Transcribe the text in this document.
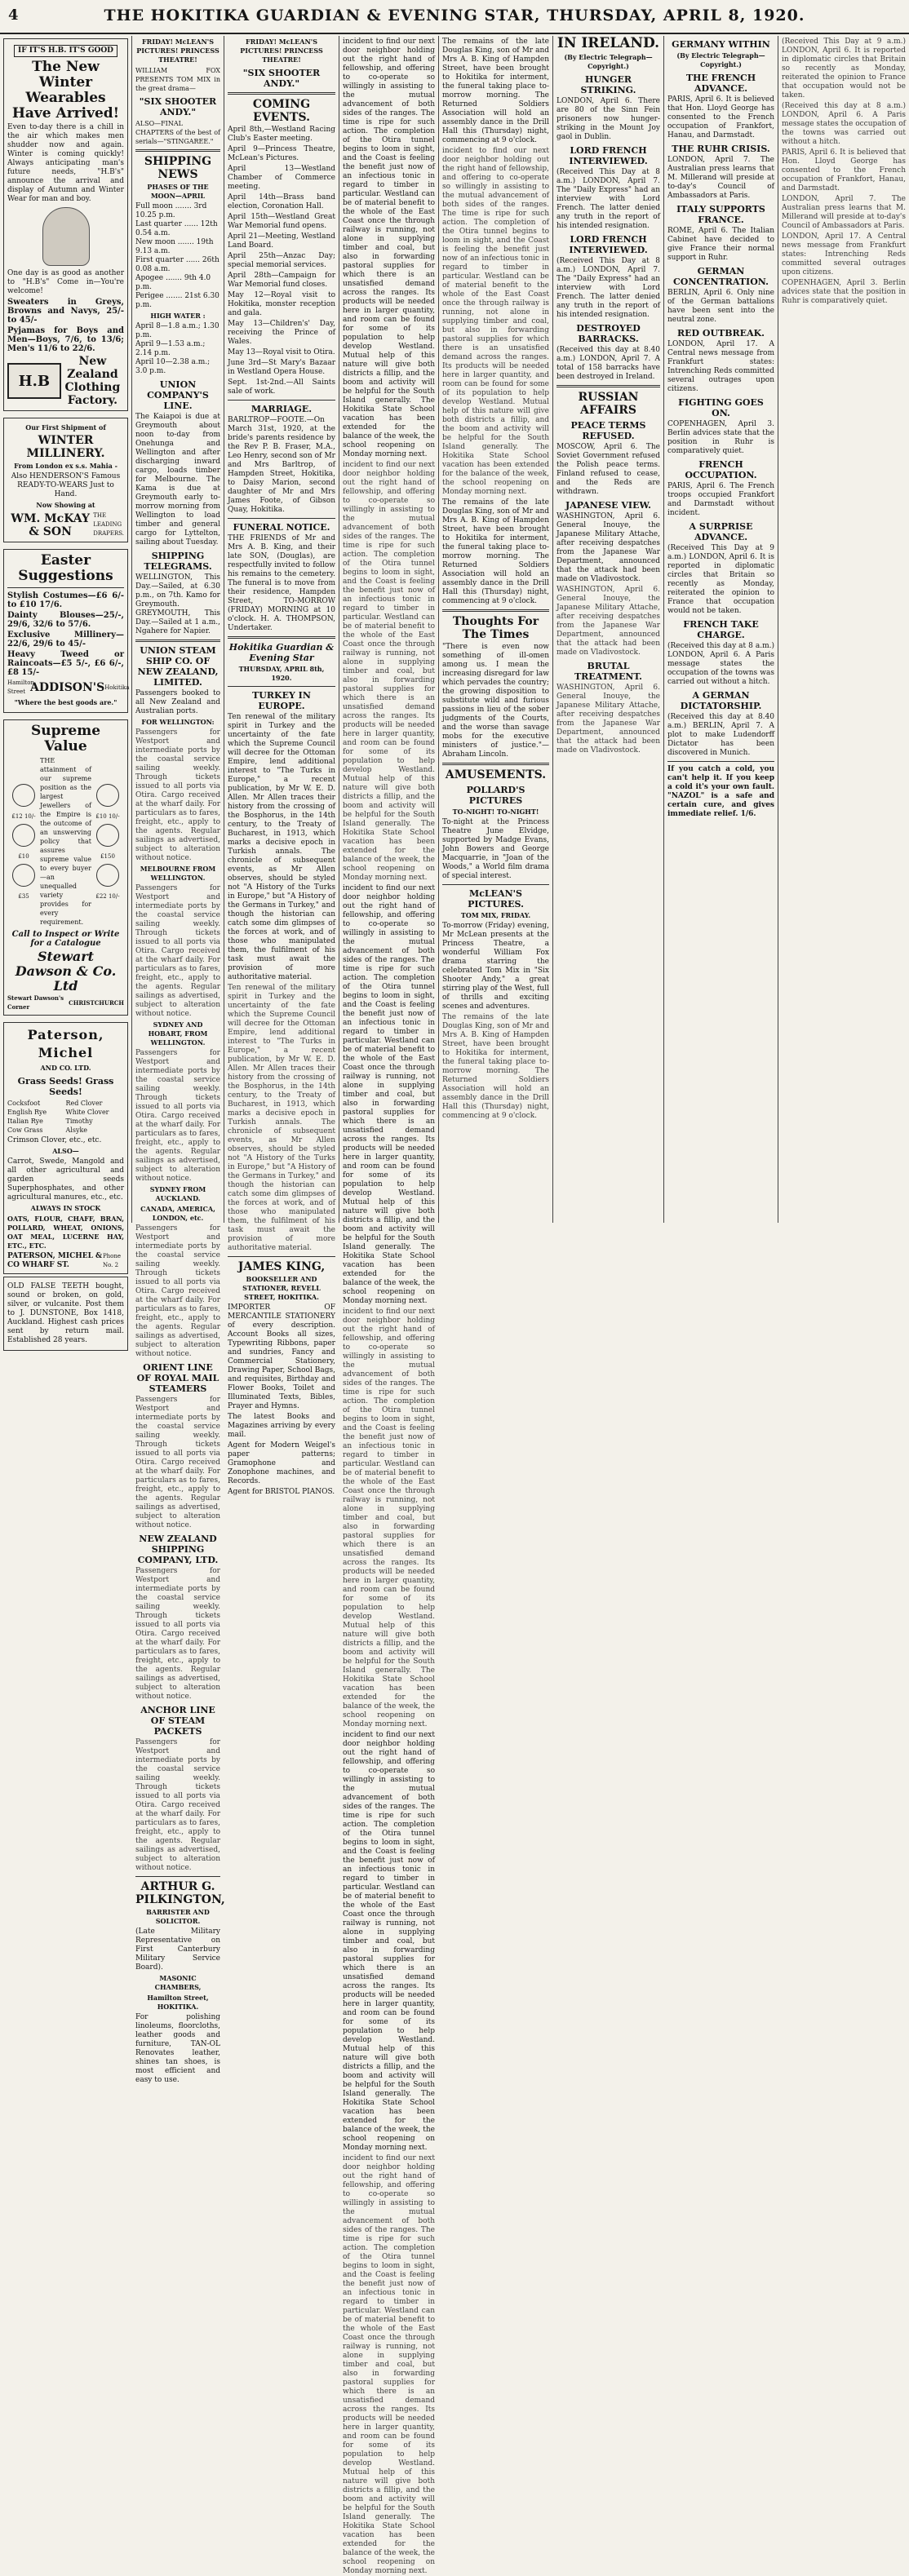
4	THE HOKITIKA GUARDIAN & EVENING STAR, THURSDAY, APRIL 8, 1920.
IF IT'S H.B. IT'S GOOD
The New Winter Wearables Have Arrived!

Even to-day there is a chill in the air which makes men shudder now and again. Winter is coming quickly! Always anticipating man's future needs, "H.B's" announce the arrival and display of Autumn and Winter Wear for man and boy.

One day is as good as another to "H.B's" Come in—You're welcome!

Sweaters in Greys, Browns and Navys, 25/- to 45/-

Pyjamas for Boys and Men—Boys, 7/6, to 13/6; Men's 11/6 to 22/6.

H.B
New Zealand Clothing Factory.
Our First Shipment of
WINTER MILLINERY.
From London ex s.s. Mahia -

Also HENDERSON'S Famous READY-TO-WEARS Just to Hand.

Now Showing at
WM. McKAY & SON
THE LEADING DRAPERS.
Easter Suggestions

Stylish Costumes—£6 6/- to £10 17/6.

Dainty Blouses—25/-, 29/6, 32/6 to 57/6.

Exclusive Millinery—22/6, 29/6 to 45/-

Heavy Tweed or Raincoats—£5 5/-, £6 6/-, £8 15/-

Hamilton Street ADDISON'S Hokitika
"Where the best goods are."
Supreme Value
£12 10/-
£10
£35

THE attainment of our supreme position as the largest Jewellers of the Empire is the outcome of an unswerving policy that assures supreme value to every buyer—an unequalled variety provides for every requirement.

£10 10/-
£150
£22 10/-
Call to Inspect or Write for a Catalogue
Stewart Dawson & Co. Ltd
Stewart Dawson's Corner
CHRISTCHURCH
Paterson, Michel
AND CO. LTD.
Grass Seeds! Grass Seeds!
Cocksfoot	Red Clover
English Rye	White Clover
Italian Rye	Timothy
Cow Grass	Alsyke

Crimson Clover, etc., etc.

ALSO—

Carrot, Swede, Mangold and all other agricultural and garden seeds Superphosphates, and other agricultural manures, etc., etc.

ALWAYS IN STOCK

OATS, FLOUR, CHAFF, BRAN, POLLARD, WHEAT, ONIONS, OAT MEAL, LUCERNE HAY, ETC., ETC.

PATERSON, MICHEL & CO WHARF ST.
Phone No. 2

OLD FALSE TEETH bought, sound or broken, on gold, silver, or vulcanite. Post them to J. DUNSTONE, Box 1418, Auckland. Highest cash prices sent by return mail. Established 28 years.

FRIDAY! McLEAN'S PICTURES! PRINCESS THEATRE!

WILLIAM FOX PRESENTS TOM MIX in the great drama—

"SIX SHOOTER ANDY."

ALSO—FINAL CHAPTERS of the best of serials—"STINGAREE."

SHIPPING NEWS
PHASES OF THE MOON—APRIL
Full moon ....... 3rd 10.25 p.m.
Last quarter ...... 12th 0.54 a.m.
New moon ....... 19th 9.13 a.m.
First quarter ...... 26th 0.08 a.m.
Apogee ....... 9th 4.0 p.m.
Perigee ....... 21st 6.30 p.m.
HIGH WATER :
April 8—1.8 a.m.; 1.30 p.m.
April 9—1.53 a.m.; 2.14 p.m.
April 10—2.38 a.m.; 3.0 p.m.
UNION COMPANY'S LINE.

The Kaiapoi is due at Greymouth about noon to-day from Onehunga and Wellington and after discharging inward cargo, loads timber for Melbourne. The Kama is due at Greymouth early to-morrow morning from Wellington to load timber and general cargo for Lyttelton, sailing about Tuesday.

SHIPPING TELEGRAMS.

WELLINGTON, This Day.—Sailed, at 6.30 p.m., on 7th. Kamo for Greymouth. GREYMOUTH, This Day.—Sailed at 1 a.m., Ngahere for Napier.

UNION STEAM SHIP CO. OF NEW ZEALAND, LIMITED.

Passengers booked to all New Zealand and Australian ports.

FOR WELLINGTON:

Passengers for Westport and intermediate ports by the coastal service sailing weekly. Through tickets issued to all ports via Otira. Cargo received at the wharf daily. For particulars as to fares, freight, etc., apply to the agents. Regular sailings as advertised, subject to alteration without notice.

MELBOURNE FROM WELLINGTON.

Passengers for Westport and intermediate ports by the coastal service sailing weekly. Through tickets issued to all ports via Otira. Cargo received at the wharf daily. For particulars as to fares, freight, etc., apply to the agents. Regular sailings as advertised, subject to alteration without notice.

SYDNEY AND HOBART, FROM WELLINGTON.

Passengers for Westport and intermediate ports by the coastal service sailing weekly. Through tickets issued to all ports via Otira. Cargo received at the wharf daily. For particulars as to fares, freight, etc., apply to the agents. Regular sailings as advertised, subject to alteration without notice.

SYDNEY FROM AUCKLAND.
CANADA, AMERICA, LONDON, etc.

Passengers for Westport and intermediate ports by the coastal service sailing weekly. Through tickets issued to all ports via Otira. Cargo received at the wharf daily. For particulars as to fares, freight, etc., apply to the agents. Regular sailings as advertised, subject to alteration without notice.

ORIENT LINE OF ROYAL MAIL STEAMERS

Passengers for Westport and intermediate ports by the coastal service sailing weekly. Through tickets issued to all ports via Otira. Cargo received at the wharf daily. For particulars as to fares, freight, etc., apply to the agents. Regular sailings as advertised, subject to alteration without notice.

NEW ZEALAND SHIPPING COMPANY, LTD.

Passengers for Westport and intermediate ports by the coastal service sailing weekly. Through tickets issued to all ports via Otira. Cargo received at the wharf daily. For particulars as to fares, freight, etc., apply to the agents. Regular sailings as advertised, subject to alteration without notice.

ANCHOR LINE OF STEAM PACKETS

Passengers for Westport and intermediate ports by the coastal service sailing weekly. Through tickets issued to all ports via Otira. Cargo received at the wharf daily. For particulars as to fares, freight, etc., apply to the agents. Regular sailings as advertised, subject to alteration without notice.

ARTHUR G. PILKINGTON,
BARRISTER AND SOLICITOR.

(Late Military Representative on First Canterbury Military Service Board).

MASONIC CHAMBERS,
Hamilton Street, HOKITIKA.

For polishing linoleums, floorcloths, leather goods and furniture, TAN-OL Renovates leather, shines tan shoes, is most efficient and easy to use.

FRIDAY! McLEAN'S PICTURES! PRINCESS THEATRE!
"SIX SHOOTER ANDY."
COMING EVENTS.

April 8th,—Westland Racing Club's Easter meeting.

April 9—Princess Theatre, McLean's Pictures.

April 13—Westland Chamber of Commerce meeting.

April 14th—Brass band election, Coronation Hall.

April 15th—Westland Great War Memorial fund opens.

April 21—Meeting, Westland Land Board.

April 25th—Anzac Day; special memorial services.

April 28th—Campaign for War Memorial fund closes.

May 12—Royal visit to Hokitika, monster reception and gala.

May 13—Children's' Day, receiving the Prince of Wales.

May 13—Royal visit to Otira.

June 3rd—St Mary's Bazaar in Westland Opera House.

Sept. 1st-2nd.—All Saints sale of work.

MARRIAGE.

BARLTROP—FOOTE.—On March 31st, 1920, at the bride's parents residence by the Rev P. B. Fraser, M.A., Leo Henry, second son of Mr and Mrs Barltrop, of Hampden Street, Hokitika, to Daisy Marion, second daughter of Mr and Mrs James Foote, of Gibson Quay, Hokitika.

FUNERAL NOTICE.

THE FRIENDS of Mr and Mrs A. B. King, and their late SON, (Douglas), are respectfully invited to follow his remains to the cemetery. The funeral is to move from their residence, Hampden Street, TO-MORROW (FRIDAY) MORNING at 10 o'clock. H. A. THOMPSON, Undertaker.

Hokitika Guardian & Evening Star
THURSDAY, APRIL 8th, 1920.
TURKEY IN EUROPE.

Ten renewal of the military spirit in Turkey and the uncertainty of the fate which the Supreme Council will decree for the Ottoman Empire, lend additional interest to "The Turks in Europe," a recent publication, by Mr W. E. D. Allen. Mr Allen traces their history from the crossing of the Bosphorus, in the 14th century, to the Treaty of Bucharest, in 1913, which marks a decisive epoch in Turkish annals. The chronicle of subsequent events, as Mr Allen observes, should be styled not "A History of the Turks in Europe," but "A History of the Germans in Turkey," and though the historian can catch some dim glimpses of the forces at work, and of those who manipulated them, the fulfilment of his task must await the provision of more authoritative material.

Ten renewal of the military spirit in Turkey and the uncertainty of the fate which the Supreme Council will decree for the Ottoman Empire, lend additional interest to "The Turks in Europe," a recent publication, by Mr W. E. D. Allen. Mr Allen traces their history from the crossing of the Bosphorus, in the 14th century, to the Treaty of Bucharest, in 1913, which marks a decisive epoch in Turkish annals. The chronicle of subsequent events, as Mr Allen observes, should be styled not "A History of the Turks in Europe," but "A History of the Germans in Turkey," and though the historian can catch some dim glimpses of the forces at work, and of those who manipulated them, the fulfilment of his task must await the provision of more authoritative material.

JAMES KING,
BOOKSELLER AND STATIONER, REVELL STREET, HOKITIKA.

IMPORTER OF MERCANTILE STATIONERY of every description. Account Books all sizes, Typewriting Ribbons, paper and sundries, Fancy and Commercial Stationery, Drawing Paper, School Bags, and requisites, Birthday and Flower Books, Toilet and Illuminated Texts, Bibles, Prayer and Hymns.

The latest Books and Magazines arriving by every mail.

Agent for Modern Weigel's paper patterns; Gramophone and Zonophone machines, and Records.

Agent for BRISTOL PIANOS.

incident to find our next door neighbor holding out the right hand of fellowship, and offering to co-operate so willingly in assisting to the mutual advancement of both sides of the ranges. The time is ripe for such action. The completion of the Otira tunnel begins to loom in sight, and the Coast is feeling the benefit just now of an infectious tonic in regard to timber in particular. Westland can be of material benefit to the whole of the East Coast once the through railway is running, not alone in supplying timber and coal, but also in forwarding pastoral supplies for which there is an unsatisfied demand across the ranges. Its products will be needed here in larger quantity, and room can be found for some of its population to help develop Westland. Mutual help of this nature will give both districts a fillip, and the boom and activity will be helpful for the South Island generally. The Hokitika State School vacation has been extended for the balance of the week, the school reopening on Monday morning next.

incident to find our next door neighbor holding out the right hand of fellowship, and offering to co-operate so willingly in assisting to the mutual advancement of both sides of the ranges. The time is ripe for such action. The completion of the Otira tunnel begins to loom in sight, and the Coast is feeling the benefit just now of an infectious tonic in regard to timber in particular. Westland can be of material benefit to the whole of the East Coast once the through railway is running, not alone in supplying timber and coal, but also in forwarding pastoral supplies for which there is an unsatisfied demand across the ranges. Its products will be needed here in larger quantity, and room can be found for some of its population to help develop Westland. Mutual help of this nature will give both districts a fillip, and the boom and activity will be helpful for the South Island generally. The Hokitika State School vacation has been extended for the balance of the week, the school reopening on Monday morning next.

incident to find our next door neighbor holding out the right hand of fellowship, and offering to co-operate so willingly in assisting to the mutual advancement of both sides of the ranges. The time is ripe for such action. The completion of the Otira tunnel begins to loom in sight, and the Coast is feeling the benefit just now of an infectious tonic in regard to timber in particular. Westland can be of material benefit to the whole of the East Coast once the through railway is running, not alone in supplying timber and coal, but also in forwarding pastoral supplies for which there is an unsatisfied demand across the ranges. Its products will be needed here in larger quantity, and room can be found for some of its population to help develop Westland. Mutual help of this nature will give both districts a fillip, and the boom and activity will be helpful for the South Island generally. The Hokitika State School vacation has been extended for the balance of the week, the school reopening on Monday morning next.

incident to find our next door neighbor holding out the right hand of fellowship, and offering to co-operate so willingly in assisting to the mutual advancement of both sides of the ranges. The time is ripe for such action. The completion of the Otira tunnel begins to loom in sight, and the Coast is feeling the benefit just now of an infectious tonic in regard to timber in particular. Westland can be of material benefit to the whole of the East Coast once the through railway is running, not alone in supplying timber and coal, but also in forwarding pastoral supplies for which there is an unsatisfied demand across the ranges. Its products will be needed here in larger quantity, and room can be found for some of its population to help develop Westland. Mutual help of this nature will give both districts a fillip, and the boom and activity will be helpful for the South Island generally. The Hokitika State School vacation has been extended for the balance of the week, the school reopening on Monday morning next.

incident to find our next door neighbor holding out the right hand of fellowship, and offering to co-operate so willingly in assisting to the mutual advancement of both sides of the ranges. The time is ripe for such action. The completion of the Otira tunnel begins to loom in sight, and the Coast is feeling the benefit just now of an infectious tonic in regard to timber in particular. Westland can be of material benefit to the whole of the East Coast once the through railway is running, not alone in supplying timber and coal, but also in forwarding pastoral supplies for which there is an unsatisfied demand across the ranges. Its products will be needed here in larger quantity, and room can be found for some of its population to help develop Westland. Mutual help of this nature will give both districts a fillip, and the boom and activity will be helpful for the South Island generally. The Hokitika State School vacation has been extended for the balance of the week, the school reopening on Monday morning next.

incident to find our next door neighbor holding out the right hand of fellowship, and offering to co-operate so willingly in assisting to the mutual advancement of both sides of the ranges. The time is ripe for such action. The completion of the Otira tunnel begins to loom in sight, and the Coast is feeling the benefit just now of an infectious tonic in regard to timber in particular. Westland can be of material benefit to the whole of the East Coast once the through railway is running, not alone in supplying timber and coal, but also in forwarding pastoral supplies for which there is an unsatisfied demand across the ranges. Its products will be needed here in larger quantity, and room can be found for some of its population to help develop Westland. Mutual help of this nature will give both districts a fillip, and the boom and activity will be helpful for the South Island generally. The Hokitika State School vacation has been extended for the balance of the week, the school reopening on Monday morning next.

The remains of the late Douglas King, son of Mr and Mrs A. B. King of Hampden Street, have been brought to Hokitika for interment, the funeral taking place to-morrow morning. The Returned Soldiers Association will hold an assembly dance in the Drill Hall this (Thursday) night, commencing at 9 o'clock.

incident to find our next door neighbor holding out the right hand of fellowship, and offering to co-operate so willingly in assisting to the mutual advancement of both sides of the ranges. The time is ripe for such action. The completion of the Otira tunnel begins to loom in sight, and the Coast is feeling the benefit just now of an infectious tonic in regard to timber in particular. Westland can be of material benefit to the whole of the East Coast once the through railway is running, not alone in supplying timber and coal, but also in forwarding pastoral supplies for which there is an unsatisfied demand across the ranges. Its products will be needed here in larger quantity, and room can be found for some of its population to help develop Westland. Mutual help of this nature will give both districts a fillip, and the boom and activity will be helpful for the South Island generally. The Hokitika State School vacation has been extended for the balance of the week, the school reopening on Monday morning next.

The remains of the late Douglas King, son of Mr and Mrs A. B. King of Hampden Street, have been brought to Hokitika for interment, the funeral taking place to-morrow morning. The Returned Soldiers Association will hold an assembly dance in the Drill Hall this (Thursday) night, commencing at 9 o'clock.

Thoughts For The Times

"There is even now something of ill-omen among us. I mean the increasing disregard for law which pervades the country; the growing disposition to substitute wild and furious passions in lieu of the sober judgments of the Courts, and the worse than savage mobs for the executive ministers of justice."—Abraham Lincoln.

AMUSEMENTS.
POLLARD'S PICTURES
TO-NIGHT! TO-NIGHT!

To-night at the Princess Theatre June Elvidge, supported by Madge Evans, John Bowers and George Macquarrie, in "Joan of the Woods," a World film drama of special interest.

McLEAN'S PICTURES.
TOM MIX, FRIDAY.

To-morrow (Friday) evening, Mr McLean presents at the Princess Theatre, a wonderful William Fox drama starring the celebrated Tom Mix in "Six Shooter Andy," a great stirring play of the West, full of thrills and exciting scenes and adventures.

The remains of the late Douglas King, son of Mr and Mrs A. B. King of Hampden Street, have been brought to Hokitika for interment, the funeral taking place to-morrow morning. The Returned Soldiers Association will hold an assembly dance in the Drill Hall this (Thursday) night, commencing at 9 o'clock.

IN IRELAND.
(By Electric Telegraph—Copyright.)
HUNGER STRIKING.

LONDON, April 6. There are 80 of the Sinn Fein prisoners now hunger-striking in the Mount Joy gaol in Dublin.

LORD FRENCH INTERVIEWED.

(Received This Day at 8 a.m.) LONDON, April 7. The "Daily Express" had an interview with Lord French. The latter denied any truth in the report of his intended resignation.

LORD FRENCH INTERVIEWED.

(Received This Day at 8 a.m.) LONDON, April 7. The "Daily Express" had an interview with Lord French. The latter denied any truth in the report of his intended resignation.

DESTROYED BARRACKS.

(Received this day at 8.40 a.m.) LONDON, April 7. A total of 158 barracks have been destroyed in Ireland.

RUSSIAN AFFAIRS
PEACE TERMS REFUSED.

MOSCOW, April 6. The Soviet Government refused the Polish peace terms. Finland refused to cease, and the Reds are withdrawn.

JAPANESE VIEW.

WASHINGTON, April 6. General Inouye, the Japanese Military Attache, after receiving despatches from the Japanese War Department, announced that the attack had been made on Vladivostock.

WASHINGTON, April 6. General Inouye, the Japanese Military Attache, after receiving despatches from the Japanese War Department, announced that the attack had been made on Vladivostock.

BRUTAL TREATMENT.

WASHINGTON, April 6. General Inouye, the Japanese Military Attache, after receiving despatches from the Japanese War Department, announced that the attack had been made on Vladivostock.

GERMANY WITHIN
(By Electric Telegraph—Copyright.)
THE FRENCH ADVANCE.

PARIS, April 6. It is believed that Hon. Lloyd George has consented to the French occupation of Frankfort, Hanau, and Darmstadt.

THE RUHR CRISIS.

LONDON, April 7. The Australian press learns that M. Millerand will preside at to-day's Council of Ambassadors at Paris.

ITALY SUPPORTS FRANCE.

ROME, April 6. The Italian Cabinet have decided to give France their normal support in Ruhr.

GERMAN CONCENTRATION.

BERLIN, April 6. Only nine of the German battalions have been sent into the neutral zone.

RED OUTBREAK.

LONDON, April 17. A Central news message from Frankfurt states: Intrenching Reds committed several outrages upon citizens.

FIGHTING GOES ON.

COPENHAGEN, April 3. Berlin advices state that the position in Ruhr is comparatively quiet.

FRENCH OCCUPATION.

PARIS, April 6. The French troops occupied Frankfort and Darmstadt without incident.

A SURPRISE ADVANCE.

(Received This Day at 9 a.m.) LONDON, April 6. It is reported in diplomatic circles that Britain so recently as Monday, reiterated the opinion to France that occupation would not be taken.

FRENCH TAKE CHARGE.

(Received this day at 8 a.m.) LONDON, April 6. A Paris message states the occupation of the towns was carried out without a hitch.

A GERMAN DICTATORSHIP.

(Received this day at 8.40 a.m.) BERLIN, April 7. A plot to make Ludendorff Dictator has been discovered in Munich.

If you catch a cold, you can't help it. If you keep a cold it's your own fault. "NAZOL" is a safe and certain cure, and gives immediate relief. 1/6.

(Received This Day at 9 a.m.) LONDON, April 6. It is reported in diplomatic circles that Britain so recently as Monday, reiterated the opinion to France that occupation would not be taken.

(Received this day at 8 a.m.) LONDON, April 6. A Paris message states the occupation of the towns was carried out without a hitch.

PARIS, April 6. It is believed that Hon. Lloyd George has consented to the French occupation of Frankfort, Hanau, and Darmstadt.

LONDON, April 7. The Australian press learns that M. Millerand will preside at to-day's Council of Ambassadors at Paris.

LONDON, April 17. A Central news message from Frankfurt states: Intrenching Reds committed several outrages upon citizens.

COPENHAGEN, April 3. Berlin advices state that the position in Ruhr is comparatively quiet.
